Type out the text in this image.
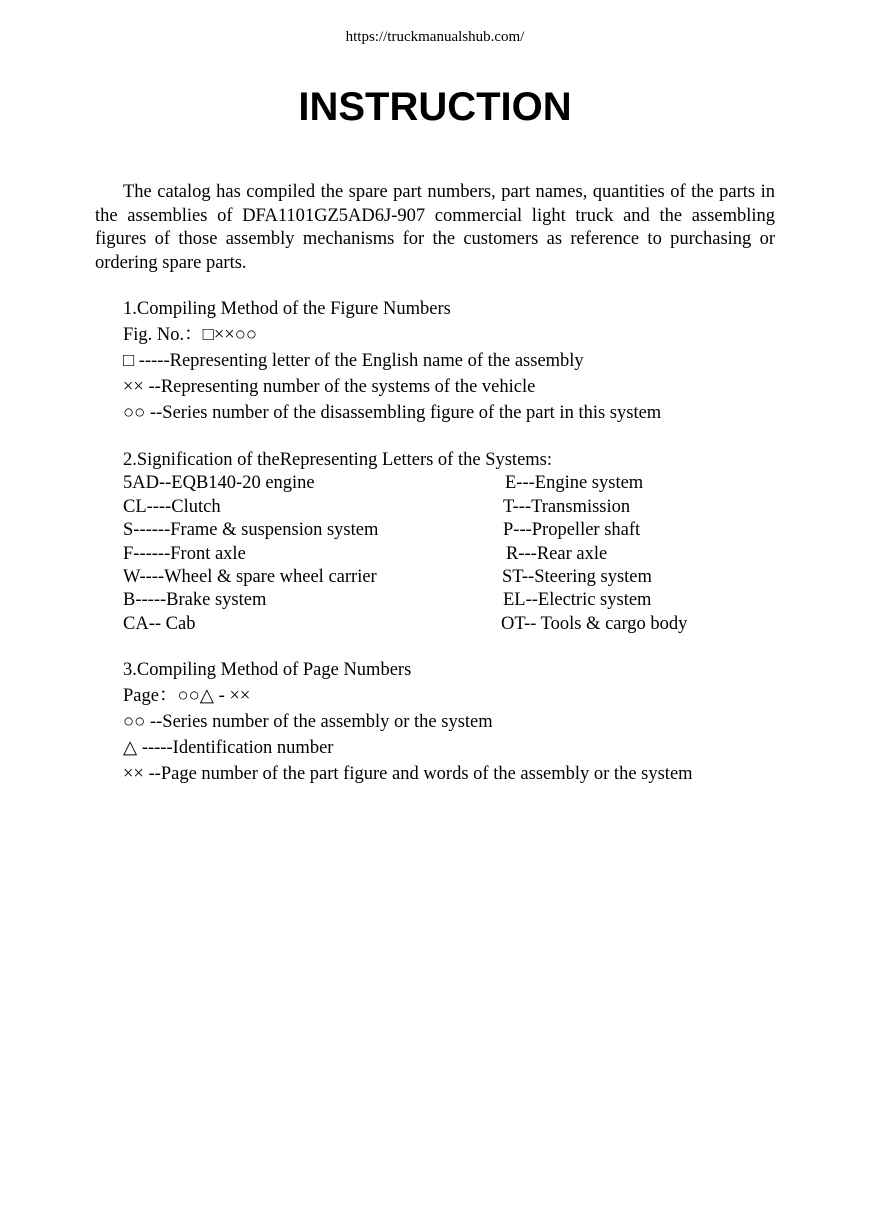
https://truckmanualshub.com/
INSTRUCTION

The catalog has compiled the spare part numbers, part names, quantities of the parts in the assemblies of DFA1101GZ5AD6J-907 commercial light truck and the assembling figures of those assembly mechanisms for the customers as reference to purchasing or ordering spare parts.

1.Compiling Method of the Figure Numbers
Fig. No.：□××○○
□ -----Representing letter of the English name of the assembly
×× --Representing number of the systems of the vehicle
○○ --Series number of the disassembling figure of the part in this system
2.Signification of theRepresenting Letters of the Systems:
5AD--EQB140-20 engine	E---Engine system
CL----Clutch	T---Transmission
S------Frame & suspension system	P---Propeller shaft
F------Front axle	R---Rear axle
W----Wheel & spare wheel carrier	ST--Steering system
B-----Brake system	EL--Electric system
CA-- Cab	OT-- Tools & cargo body
3.Compiling Method of Page Numbers
Page：○○△ - ××
○○ --Series number of the assembly or the system
△ -----Identification number
×× --Page number of the part figure and words of the assembly or the system
